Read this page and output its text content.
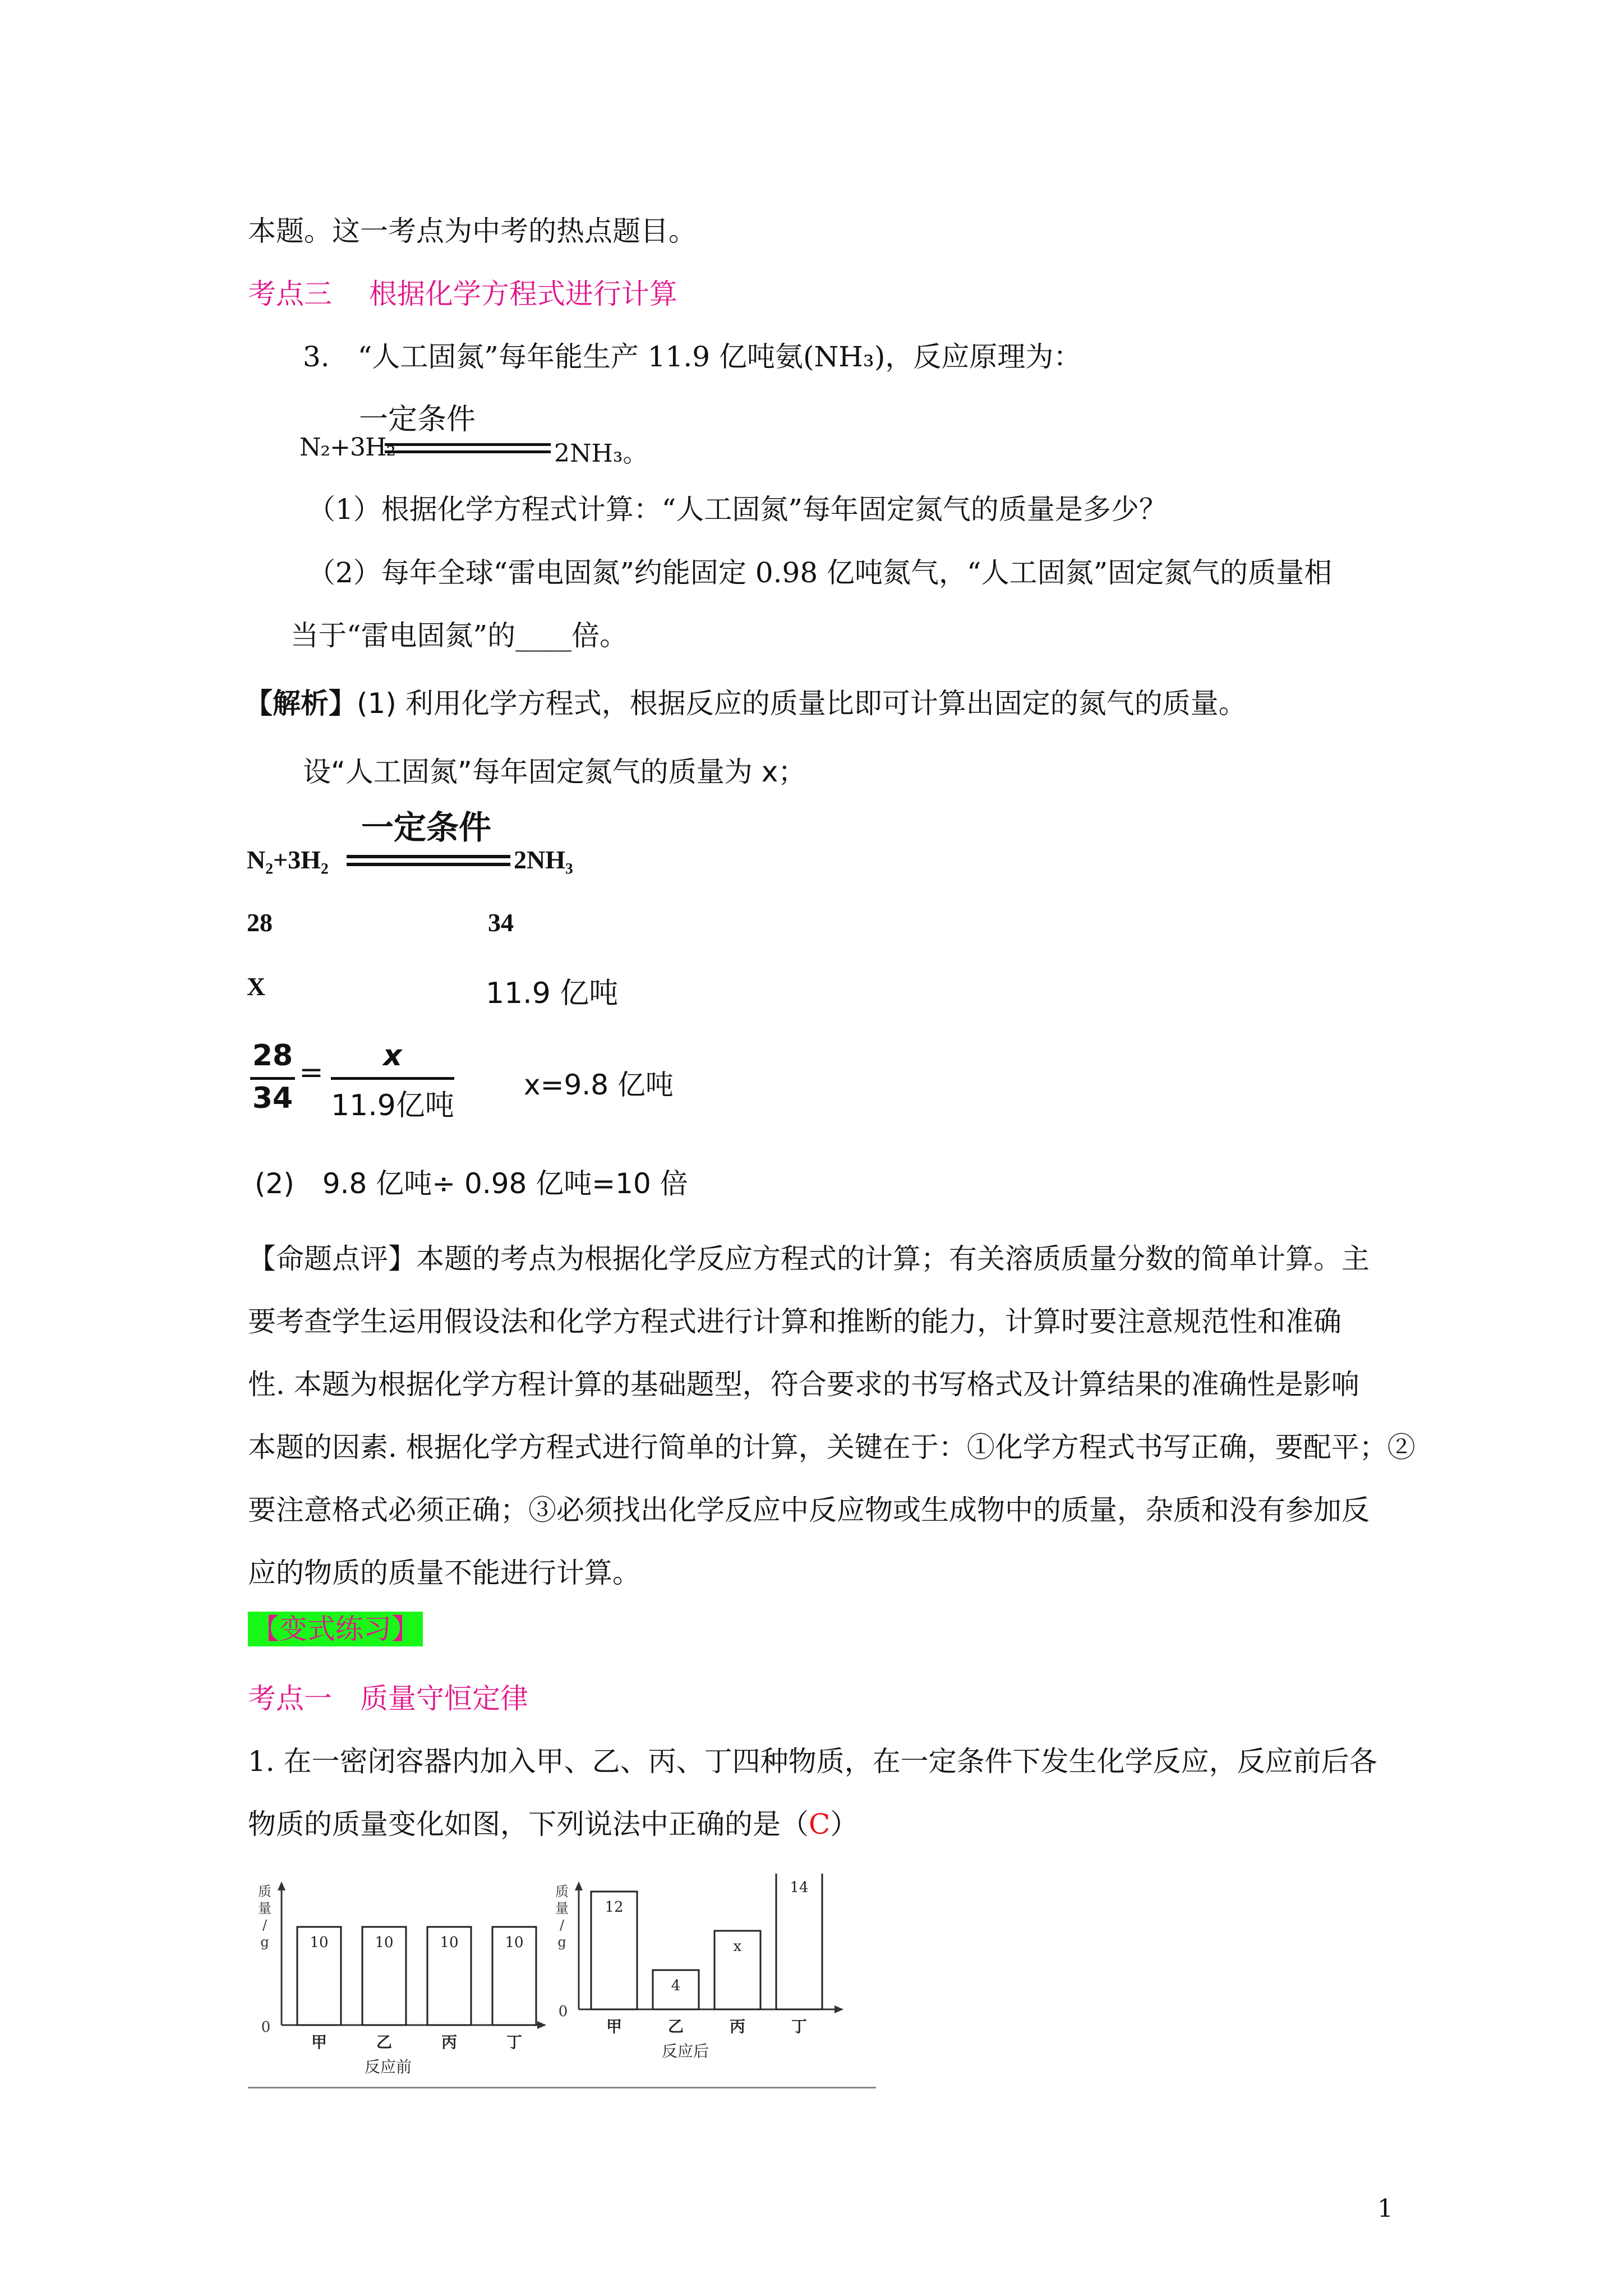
本题。这一考点为中考的热点题目。

考点三　 根据化学方程式进行计算

3.　“人工固氮”每年能生产 11.9 亿吨氨(NH₃)，反应原理为：

一定条件
N₂+3H₂	2NH₃。

（1）根据化学方程式计算：“人工固氮”每年固定氮气的质量是多少？

（2）每年全球“雷电固氮”约能固定 0.98 亿吨氮气，“人工固氮”固定氮气的质量相

当于“雷电固氮”的____倍。

【解析】(1) 利用化学方程式，根据反应的质量比即可计算出固定的氮气的质量。

设“人工固氮”每年固定氮气的质量为 x；

一定条件
N₂+3H₂	2NH₃
28	34
X	11.9 亿吨
28
34
=	x
11.9亿吨
x=9.8 亿吨
(2)　9.8 亿吨÷ 0.98 亿吨=10 倍

【命题点评】本题的考点为根据化学反应方程式的计算；有关溶质质量分数的简单计算。主

要考查学生运用假设法和化学方程式进行计算和推断的能力，计算时要注意规范性和准确

性. 本题为根据化学方程计算的基础题型，符合要求的书写格式及计算结果的准确性是影响

本题的因素. 根据化学方程式进行简单的计算，关键在于：①化学方程式书写正确，要配平；②

要注意格式必须正确；③必须找出化学反应中反应物或生成物中的质量，杂质和没有参加反

应的物质的质量不能进行计算。

【变式练习】

考点一　质量守恒定律

1. 在一密闭容器内加入甲、乙、丙、丁四种物质，在一定条件下发生化学反应，反应前后各

物质的质量变化如图，下列说法中正确的是（C）

质
量
/
g
0
10
甲
10
乙
10
丙
10
丁
反应前
质
量
/
g
0
12
甲
4
乙
x
丙
14
丁
反应后
1
